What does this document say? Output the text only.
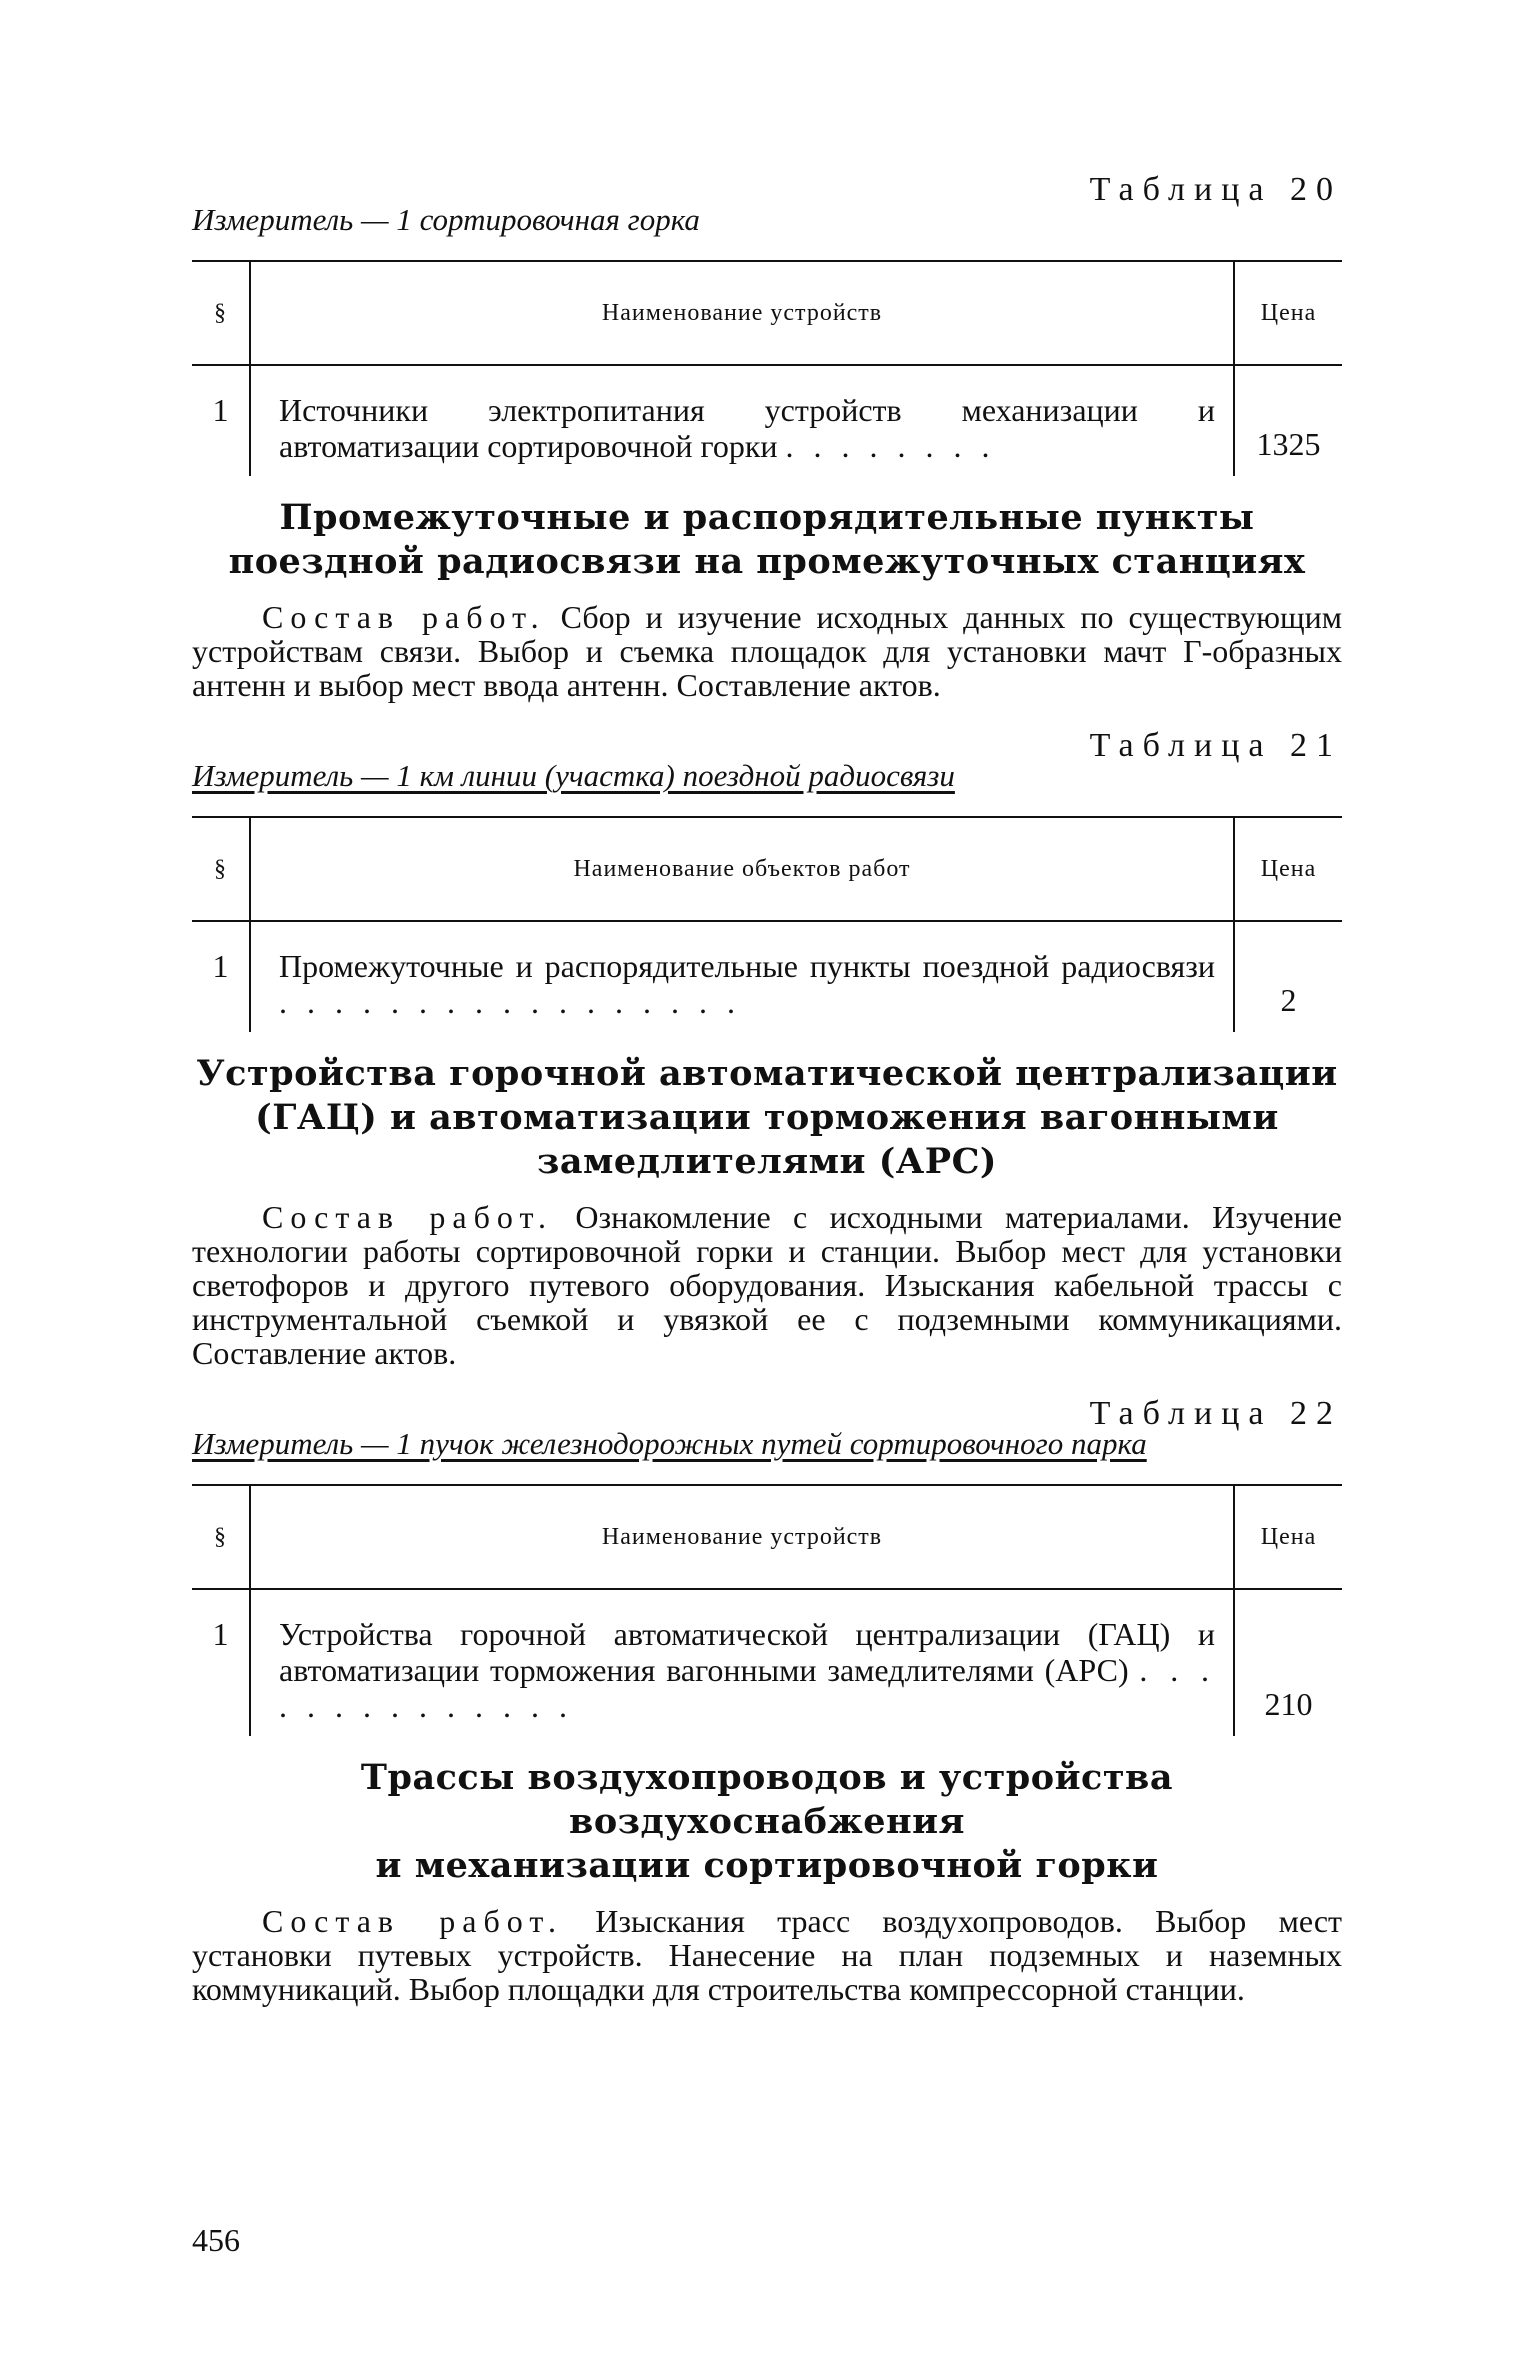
Таблица 20
Измеритель — 1 сортировочная горка
§	Наименование устройств	Цена
1	Источники электропитания устройств механизации и автоматизации сортировочной горки . . . . . . . .	1325
Промежуточные и распорядительные пункты
поездной радиосвязи на промежуточных станциях

Состав работ. Сбор и изучение исходных данных по существующим устройствам связи. Выбор и съемка площадок для установки мачт Г-образных антенн и выбор мест ввода антенн. Составление актов.

Таблица 21
Измеритель — 1 км линии (участка) поездной радиосвязи
§	Наименование объектов работ	Цена
1	Промежуточные и распорядительные пункты поездной радиосвязи . . . . . . . . . . . . . . . . .	2
Устройства горочной автоматической централизации
(ГАЦ) и автоматизации торможения вагонными
замедлителями (АРС)

Состав работ. Ознакомление с исходными материалами. Изучение технологии работы сортировочной горки и станции. Выбор мест для установки светофоров и другого путевого оборудования. Изыскания кабельной трассы с инструментальной съемкой и увязкой ее с подземными коммуникациями. Составление актов.

Таблица 22
Измеритель — 1 пучок железнодорожных путей сортировочного парка
§	Наименование устройств	Цена
1	Устройства горочной автоматической централизации (ГАЦ) и автоматизации торможения вагонными замедлителями (АРС) . . . . . . . . . . . . . .	210
Трассы воздухопроводов и устройства воздухоснабжения
и механизации сортировочной горки

Состав работ. Изыскания трасс воздухопроводов. Выбор мест установки путевых устройств. Нанесение на план подземных и наземных коммуникаций. Выбор площадки для строительства компрессорной станции.

456
